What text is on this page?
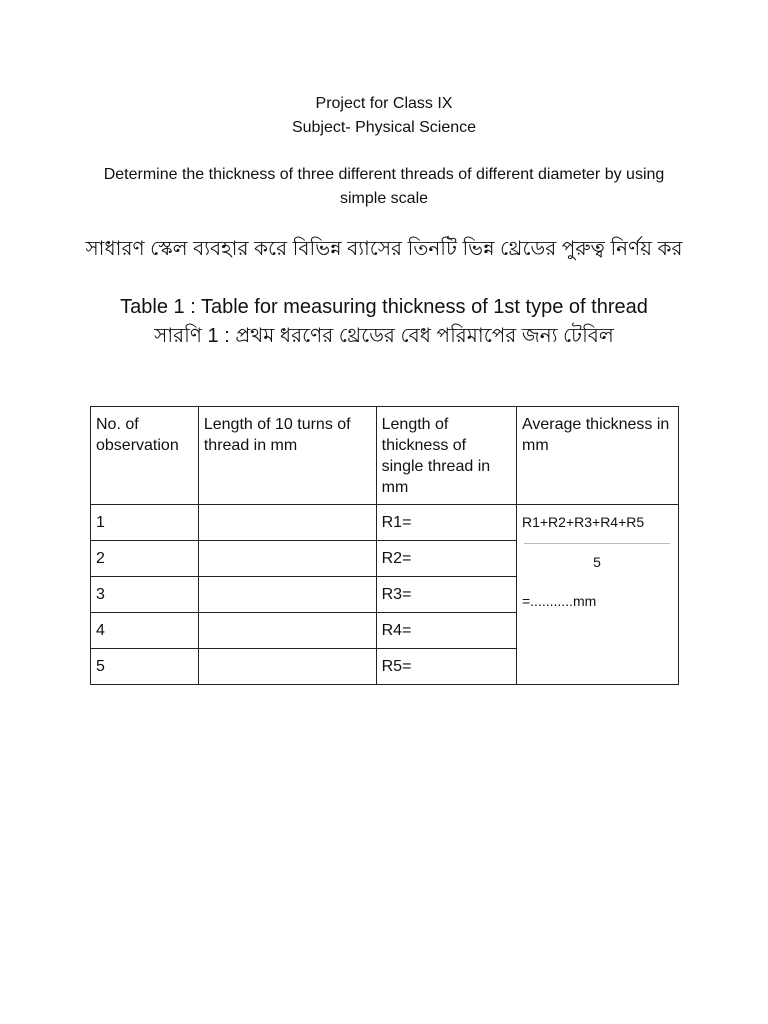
Project for Class IX
Subject- Physical Science
Determine the thickness of three different threads of different diameter by using simple scale
সাধারণ স্কেল ব্যবহার করে বিভিন্ন ব্যাসের তিনটি ভিন্ন থ্রেডের পুরুত্ব নির্ণয় কর
Table 1 : Table for measuring thickness of 1st type of thread
সারণি 1 : প্রথম ধরণের থ্রেডের বেধ পরিমাপের জন্য টেবিল
No. of observation	Length of 10 turns of thread in mm	Length of thickness of single thread in mm	Average thickness in mm
1		R1=	R1+R2+R3+R4+R5
5
=...........mm

2		R2=	
3		R3=	
4		R4=	
5		R5=	
